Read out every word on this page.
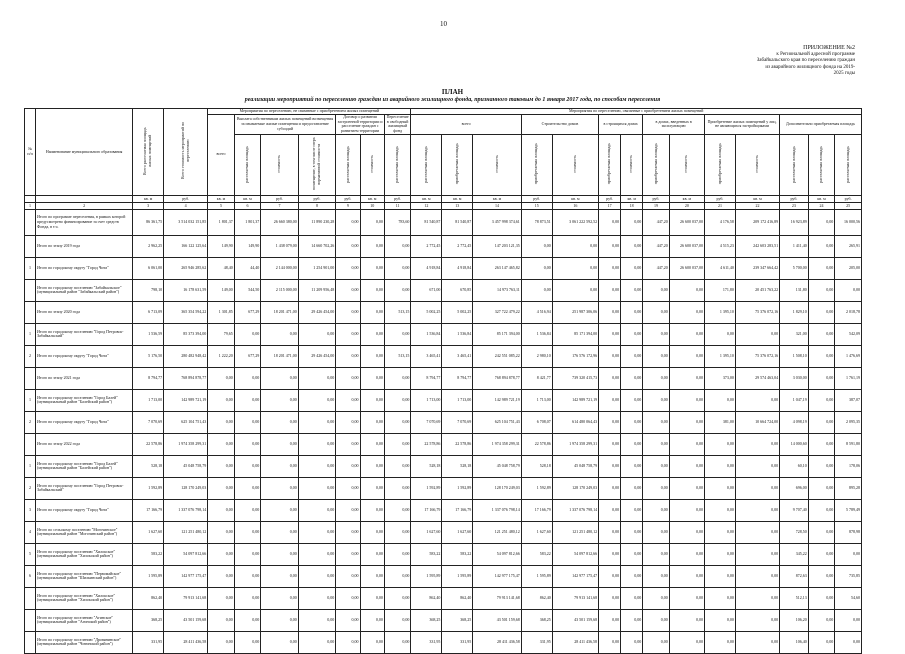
10
ПРИЛОЖЕНИЕ №2
к Региональной адресной программе
Забайкальского края по переселению граждан
из аварийного жилищного фонда на 2019-
2025 годы
ПЛАН
реализации мероприятий по переселению граждан из аварийного жилищного фонда, признанного таковым до 1 января 2017 года, по способам переселения
№ п/п	Наименование муниципального образования	Всего расселяемая площадь жилых помещений	Всего стоимость мероприятий по переселению	Мероприятия по переселению, не связанные с приобретением жилых помещений							Мероприятия по переселению, связанные с приобретением жилых помещений													
				всего	Выплата собственникам жилых помещений возмещения за изымаемые жилые помещения и предоставление субсидий			Договор о развитии застроенной территории и расселение граждан с развитием территории		Переселение в свободный жилищный фонд	всего			Строительство домов		в строящихся домах		в домах, введенных в эксплуатацию		Приобретение жилых помещений у лиц, не являющихся застройщиками		Дополнительно приобретаемая площадь		
					расселяемая площадь	стоимость	возмещение, в том числе сверх нормативной стоимости	расселяемая площадь	стоимость	расселяемая площадь	расселяемая площадь	приобретаемая площадь	стоимость	приобретаемая площадь	стоимость	приобретаемая площадь	стоимость	приобретаемая площадь	стоимость	приобретаемая площадь	стоимость	расселяемая площадь	расселяемая площадь	расселяемая площадь
		кв. м	руб.	кв. м	кв. м	руб.	руб.	руб.	кв. м	руб.	кв. м	кв. м	кв. м	руб.	кв. м	руб.	кв. м	руб.	кв. м	руб.	кв. м	руб.	кв. м	руб.
1	2	3	4	5	6	7	8	9	10	11	12	13	14	15	16	17	18	19	20	21	22	23	24	25
	Итого по программе переселения, в рамках которой предусмотрено финансирование за счет средств Фонда, в т.ч.	86 361,75	3 514 032 151,85	1 801,37	1 801,37	26 660 380,00	11 890 230,28	0,00	0,00	783,60	81 540,87	81 540,87	3 457 998 374,61	78 873,51	3 061 222 592,52	0,00	0,00	447,20	26 600 037,00	4 176,58	209 172 416,89	16 923,89	0,00	16 000,56
	Итого по этапу 2019 года	2 962,25	166 122 125,64	149,90	149,90	1 438 079,00	14 660 702,26	0,00	0,00	0,00	2 772,45	2 772,45	147 203 121,35	0,00	0,00	0,00	0,00	447,20	26 600 037,00	4 515,23	242 603 283,51	1 411,40	0,00	265,91
1	Итого по городскому округу "Город Чита"	6 061,00	265 946 285,62	48,40	44,40	2 144 000,00	1 254 901,00	0,00	0,00	0,00	4 918,84	4 918,84	263 147 465,82	0,00	0,00	0,00	0,00	447,20	26 600 037,00	4 611,40	239 347 664,42	5 700,00	0,00	205,00
	Итого по городскому поселению "Забайкальское" (муниципальный район "Забайкальский район")	798,10	16 178 631,59	149,00	544,50	2 115 000,00	11 209 956,48	0,00	0,00	0,00	671,00	670,85	14 973 763,11	0,00	0,00	0,00	0,00	0,00	0,00	171,80	20 451 763,22	131,80	0,00	0,00
	Итого по этапу 2020 года	6 713,09	365 354 594,22	1 301,85	677,29	18 201 471,00	29 426 454,00	0,00	0,00	513,15	5 002,25	5 002,25	327 722 479,22	4 516,94	251 987 306,06	0,00	0,00	0,00	0,00	1 395,10	75 376 072,16	1 829,10	0,00	2 018,78
1	Итого по городскому поселению "Город Петровск-Забайкальский"	1 536,59	85 373 394,00	79,65	0,00	0,00	0,00	0,00	0,00	0,00	1 536,84	1 536,84	85 171 394,00	1 536,84	85 171 394,00	0,00	0,00	0,00	0,00	0,00	0,00	321,00	0,00	542,09
2	Итого по городскому округу "Город Чита"	5 176,50	280 482 948,42	1 222,20	677,29	18 201 471,00	29 426 454,00	0,00	0,00	513,15	3 465,41	3 465,41	242 551 085,22	2 980,10	176 576 172,96	0,00	0,00	0,00	0,00	1 395,10	75 376 072,16	1 508,10	0,00	1 476,69
	Итого по этапу 2021 года	8 794,77	768 894 878,77	0,00	0,00	0,00	0,00	0,00	0,00	0,00	8 794,77	8 794,77	768 894 878,77	8 421,77	739 320 415,73	0,00	0,00	0,00	0,00	373,00	29 574 463,04	3 030,00	0,00	1 761,19
1	Итого по городскому поселению "Город Балей" (муниципальный район "Балейский район")	1 713,00	142 989 721,19	0,00	0,00	0,00	0,00	0,00	0,00	0,00	1 713,00	1 713,00	142 989 721,19	1 713,00	142 989 721,19	0,00	0,00	0,00	0,00	0,00	0,00	1 047,19	0,00	387,07
2	Итого по городскому округу "Город Чита"	7 070,69	625 104 751,43	0,00	0,00	0,00	0,00	0,00	0,00	0,00	7 070,69	7 070,69	625 104 751,43	6 708,07	614 480 064,43	0,00	0,00	0,00	0,00	381,00	10 664 724,00	4 098,19	0,00	2 095,35
	Итого по этапу 2022 года	22 578,86	1 974 358 299,31	0,00	0,00	0,00	0,00	0,00	0,00	0,00	22 578,86	22 578,86	1 974 358 299,31	22 578,86	1 974 358 299,31	0,00	0,00	0,00	0,00	0,00	0,00	14 000,60	0,00	8 591,80
1	Итого по городскому поселению "Город Балей" (муниципальный район "Балейский район")	528,18	45 048 758,79	0,00	0,00	0,00	0,00	0,00	0,00	0,00	528,18	528,18	45 048 758,79	528,18	45 048 758,79	0,00	0,00	0,00	0,00	0,00	0,00	60,10	0,00	178,06
2	Итого по городскому поселению "Город Петровск-Забайкальский"	1 592,89	128 170 249,03	0,00	0,00	0,00	0,00	0,00	0,00	0,00	1 592,89	1 592,89	128 170 249,03	1 592,89	128 170 249,03	0,00	0,00	0,00	0,00	0,00	0,00	696,00	0,00	895,28
3	Итого по городскому округу "Город Чита"	17 166,79	1 337 076 798,14	0,00	0,00	0,00	0,00	0,00	0,00	0,00	17 166,79	17 166,79	1 337 076 798,14	17 166,79	1 337 076 798,14	0,00	0,00	0,00	0,00	0,00	0,00	9 707,40	0,00	5 789,49
4	Итого по сельскому поселению "Могочинское" (муниципальный район "Могочинский район")	1 627,60	121 251 480,12	0,00	0,00	0,00	0,00	0,00	0,00	0,00	1 627,60	1 627,60	121 251 480,12	1 627,60	121 251 480,12	0,00	0,00	0,00	0,00	0,00	0,00	728,50	0,00	878,98
5	Итого по городскому поселению "Хилокское" (муниципальный район "Хилокский район")	583,22	54 097 812,66	0,00	0,00	0,00	0,00	0,00	0,00	0,00	583,22	583,22	54 097 812,66	583,22	54 097 812,66	0,00	0,00	0,00	0,00	0,00	0,00	345,22	0,00	0,00
6	Итого по городскому поселению "Первомайское" (муниципальный район "Шилкинский район")	1 595,89	142 977 175,47	0,00	0,00	0,00	0,00	0,00	0,00	0,00	1 595,89	1 595,89	142 977 175,47	1 595,89	142 977 175,47	0,00	0,00	0,00	0,00	0,00	0,00	872,63	0,00	735,85
	Итого по городскому поселению "Хилокское" (муниципальный район "Хилокский район")	862,40	79 913 141,68	0,00	0,00	0,00	0,00	0,00	0,00	0,00	862,40	862,40	79 913 141,68	862,40	79 913 141,68	0,00	0,00	0,00	0,00	0,00	0,00	512,13	0,00	54,60
	Итого по городскому поселению "Агинское" (муниципальный район "Агинский район")	368,25	43 501 159,68	0,00	0,00	0,00	0,00	0,00	0,00	0,00	368,25	368,25	43 501 159,68	368,25	43 501 159,68	0,00	0,00	0,00	0,00	0,00	0,00	106,20	0,00	0,00
	Итого по городскому поселению "Дровянинское" (муниципальный район "Читинский район")	331,95	28 411 436,58	0,00	0,00	0,00	0,00	0,00	0,00	0,00	331,95	331,95	28 411 436,58	331,95	28 411 436,58	0,00	0,00	0,00	0,00	0,00	0,00	106,40	0,00	0,00
